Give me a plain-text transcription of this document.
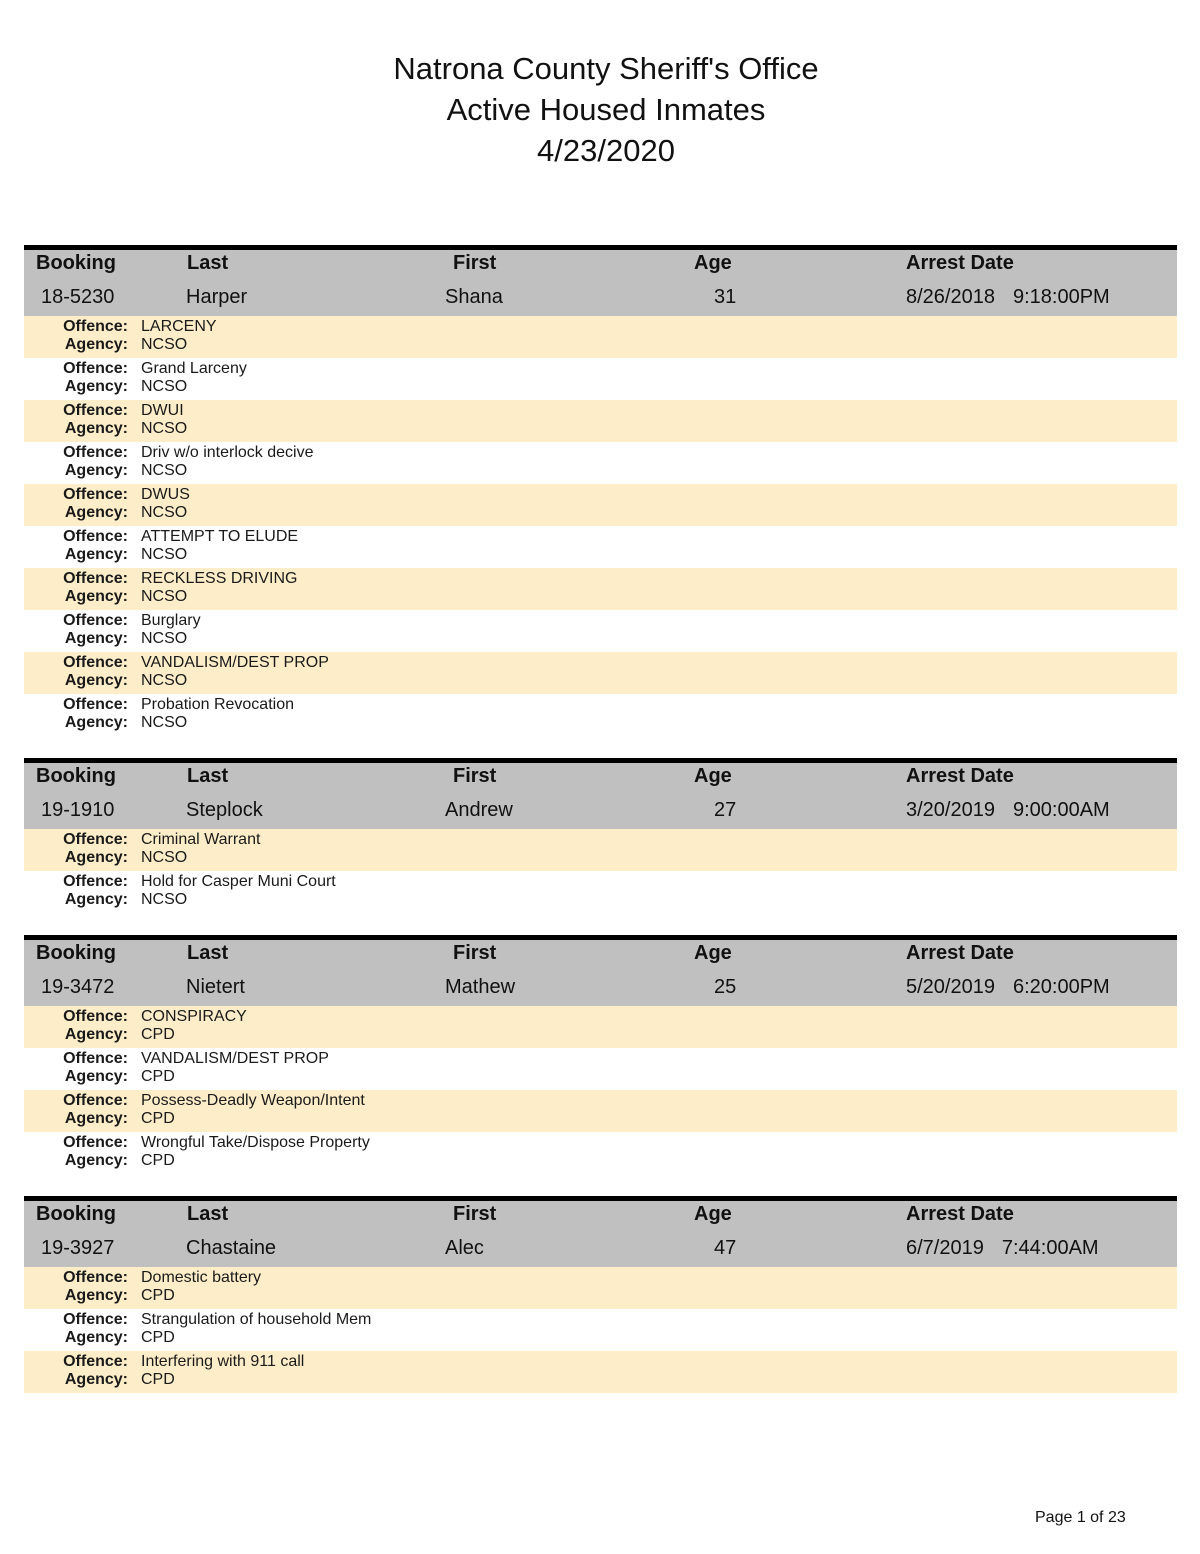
Natrona County Sheriff's Office
Active Housed Inmates
4/23/2020
Booking	Last	First	Age	Arrest Date
18-5230	Harper	Shana	31	8/26/2018 9:18:00PM
Offence: LARCENY
Agency: NCSO
Offence: Grand Larceny
Agency: NCSO
Offence: DWUI
Agency: NCSO
Offence: Driv w/o interlock decive
Agency: NCSO
Offence: DWUS
Agency: NCSO
Offence: ATTEMPT TO ELUDE
Agency: NCSO
Offence: RECKLESS DRIVING
Agency: NCSO
Offence: Burglary
Agency: NCSO
Offence: VANDALISM/DEST PROP
Agency: NCSO
Offence: Probation Revocation
Agency: NCSO
Booking	Last	First	Age	Arrest Date
19-1910	Steplock	Andrew	27	3/20/2019 9:00:00AM
Offence: Criminal Warrant
Agency: NCSO
Offence: Hold for Casper Muni Court
Agency: NCSO
Booking	Last	First	Age	Arrest Date
19-3472	Nietert	Mathew	25	5/20/2019 6:20:00PM
Offence: CONSPIRACY
Agency: CPD
Offence: VANDALISM/DEST PROP
Agency: CPD
Offence: Possess-Deadly Weapon/Intent
Agency: CPD
Offence: Wrongful Take/Dispose Property
Agency: CPD
Booking	Last	First	Age	Arrest Date
19-3927	Chastaine	Alec	47	6/7/2019 7:44:00AM
Offence: Domestic battery
Agency: CPD
Offence: Strangulation of household Mem
Agency: CPD
Offence: Interfering with 911 call
Agency: CPD
Page 1 of 23
